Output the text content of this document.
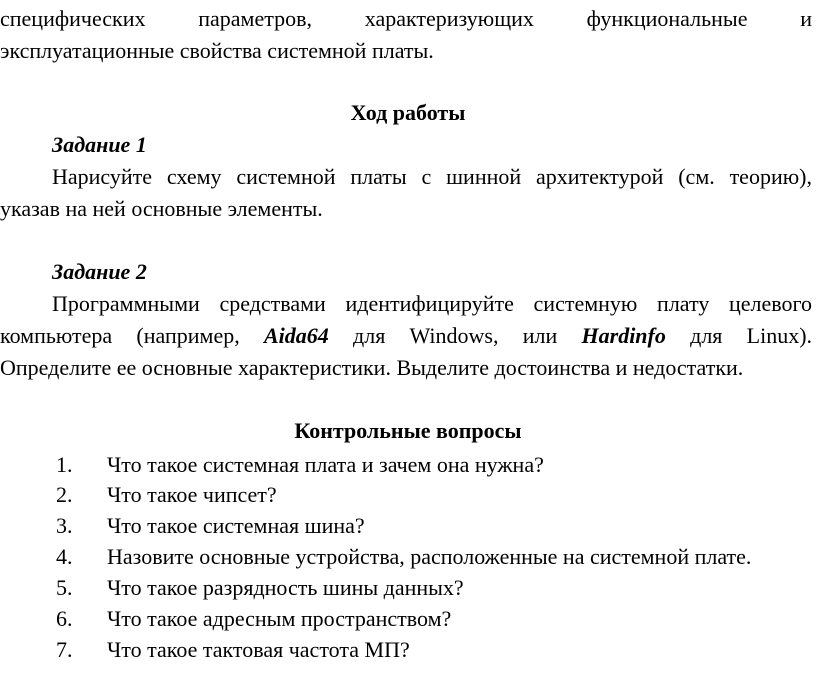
специфических параметров, характеризующих функциональные и
эксплуатационные свойства системной платы.
Ход работы
Задание 1
Нарисуйте схему системной платы с шинной архитектурой (см. теорию),
указав на ней основные элементы.
Задание 2
Программными средствами идентифицируйте системную плату целевого
компьютера (например, Aida64 для Windows, или Hardinfo для Linux).
Определите ее основные характеристики. Выделите достоинства и недостатки.
Контрольные вопросы
1. Что такое системная плата и зачем она нужна?
2. Что такое чипсет?
3. Что такое системная шина?
4. Назовите основные устройства, расположенные на системной плате.
5. Что такое разрядность шины данных?
6. Что такое адресным пространством?
7. Что такое тактовая частота МП?
